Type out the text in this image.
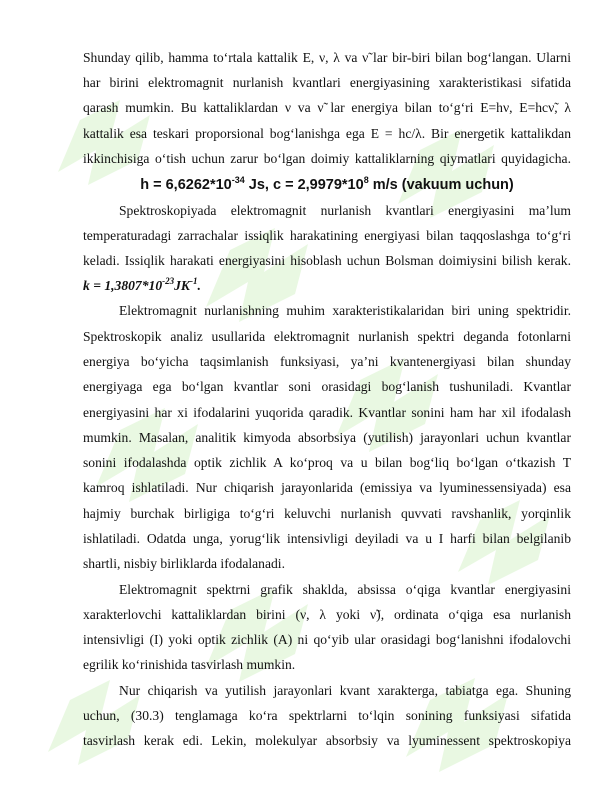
Shunday qilib, hamma to‘rtala kattalik E, ν, λ va ν̃ lar bir-biri bilan bog‘langan. Ularni
har birini elektromagnit nurlanish kvantlari energiyasining xarakteristikasi sifatida
qarash mumkin. Bu kattaliklardan ν va ν̃ lar energiya bilan to‘g‘ri E=hν, E=hcν̃, λ
kattalik esa teskari proporsional bog‘lanishga ega E = hc/λ. Bir energetik kattalikdan
ikkinchisiga o‘tish uchun zarur bo‘lgan doimiy kattaliklarning qiymatlari quyidagicha.
$h = 6,6262*10^{-34}$ Js, $c = 2,9979*10^8$ m/s (vakuum uchun)
Spektroskopiyada elektromagnit nurlanish kvantlari energiyasini ma’lum
temperaturadagi zarrachalar issiqlik harakatining energiyasi bilan taqqoslashga to‘g‘ri
keladi. Issiqlik harakati energiyasini hisoblash uchun Bolsman doimiysini bilish kerak.
$k = 1,3807*10^{-23}JK^{-1}$.
Elektromagnit nurlanishning muhim xarakteristikalaridan biri uning spektridir.
Spektroskopik analiz usullarida elektromagnit nurlanish spektri deganda fotonlarni
energiya bo‘yicha taqsimlanish funksiyasi, ya’ni kvantenergiyasi bilan shunday
energiyaga ega bo‘lgan kvantlar soni orasidagi bog‘lanish tushuniladi. Kvantlar
energiyasini har xi ifodalarini yuqorida qaradik. Kvantlar sonini ham har xil ifodalash
mumkin. Masalan, analitik kimyoda absorbsiya (yutilish) jarayonlari uchun kvantlar
sonini ifodalashda optik zichlik A ko‘proq va u bilan bog‘liq bo‘lgan o‘tkazish T
kamroq ishlatiladi. Nur chiqarish jarayonlarida (emissiya va lyuminessensiyada) esa
hajmiy burchak birligiga to‘g‘ri keluvchi nurlanish quvvati ravshanlik, yorqinlik
ishlatiladi. Odatda unga, yorug‘lik intensivligi deyiladi va u I harfi bilan belgilanib
shartli, nisbiy birliklarda ifodalanadi.
Elektromagnit spektrni grafik shaklda, absissa o‘qiga kvantlar energiyasini
xarakterlovchi kattaliklardan birini (ν, λ yoki ν̃), ordinata o‘qiga esa nurlanish
intensivligi (I) yoki optik zichlik (A) ni qo‘yib ular orasidagi bog‘lanishni ifodalovchi
egrilik ko‘rinishida tasvirlash mumkin.
Nur chiqarish va yutilish jarayonlari kvant xarakterga, tabiatga ega. Shuning
uchun, (30.3) tenglamaga ko‘ra spektrlarni to‘lqin sonining funksiyasi sifatida
tasvirlash kerak edi. Lekin, molekulyar absorbsiy va lyuminessent spektroskopiya
